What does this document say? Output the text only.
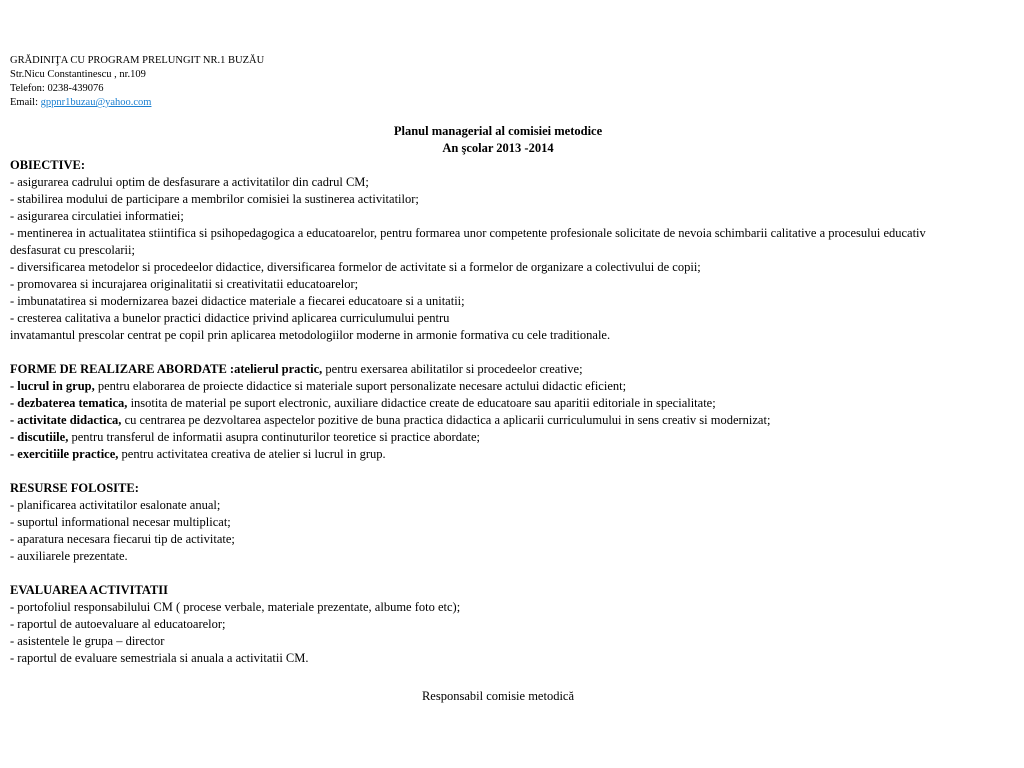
GRĂDINIŢA CU PROGRAM PRELUNGIT NR.1 BUZĂU
Str.Nicu Constantinescu , nr.109
Telefon: 0238-439076
Email: gppnr1buzau@yahoo.com
Planul managerial al comisiei metodice
An şcolar 2013 -2014
OBIECTIVE:
- asigurarea cadrului optim de desfasurare a activitatilor din cadrul CM;
- stabilirea modului de participare a membrilor comisiei la sustinerea activitatilor;
- asigurarea circulatiei informatiei;
- mentinerea in actualitatea stiintifica si psihopedagogica a educatoarelor, pentru formarea unor competente profesionale solicitate de nevoia schimbarii calitative a procesului educativ desfasurat cu prescolarii;
- diversificarea metodelor si procedeelor didactice, diversificarea formelor de activitate si a formelor de organizare a colectivului de copii;
- promovarea si incurajarea originalitatii si creativitatii educatoarelor;
- imbunatatirea si modernizarea bazei didactice materiale a fiecarei educatoare si a unitatii;
- cresterea calitativa a bunelor practici didactice privind aplicarea curriculumului pentru
invatamantul prescolar centrat pe copil prin aplicarea metodologiilor moderne in armonie formativa cu cele traditionale.
FORME DE REALIZARE ABORDATE :atelierul practic, pentru exersarea abilitatilor si procedeelor creative;
- lucrul in grup, pentru elaborarea de proiecte didactice si materiale suport personalizate necesare actului didactic eficient;
- dezbaterea tematica, insotita de material pe suport electronic, auxiliare didactice create de educatoare sau aparitii editoriale in specialitate;
- activitate didactica, cu centrarea pe dezvoltarea aspectelor pozitive de buna practica didactica a aplicarii curriculumului in sens creativ si modernizat;
- discutiile, pentru transferul de informatii asupra continuturilor teoretice si practice abordate;
- exercitiile practice, pentru activitatea creativa de atelier si lucrul in grup.
RESURSE FOLOSITE:
- planificarea activitatilor esalonate anual;
- suportul informational necesar multiplicat;
- aparatura necesara fiecarui tip de activitate;
- auxiliarele prezentate.
EVALUAREA ACTIVITATII
- portofoliul responsabilului CM ( procese verbale, materiale prezentate, albume foto etc);
- raportul de autoevaluare al educatoarelor;
- asistentele le grupa – director
- raportul de evaluare semestriala si anuala a activitatii CM.
Responsabil comisie metodică
